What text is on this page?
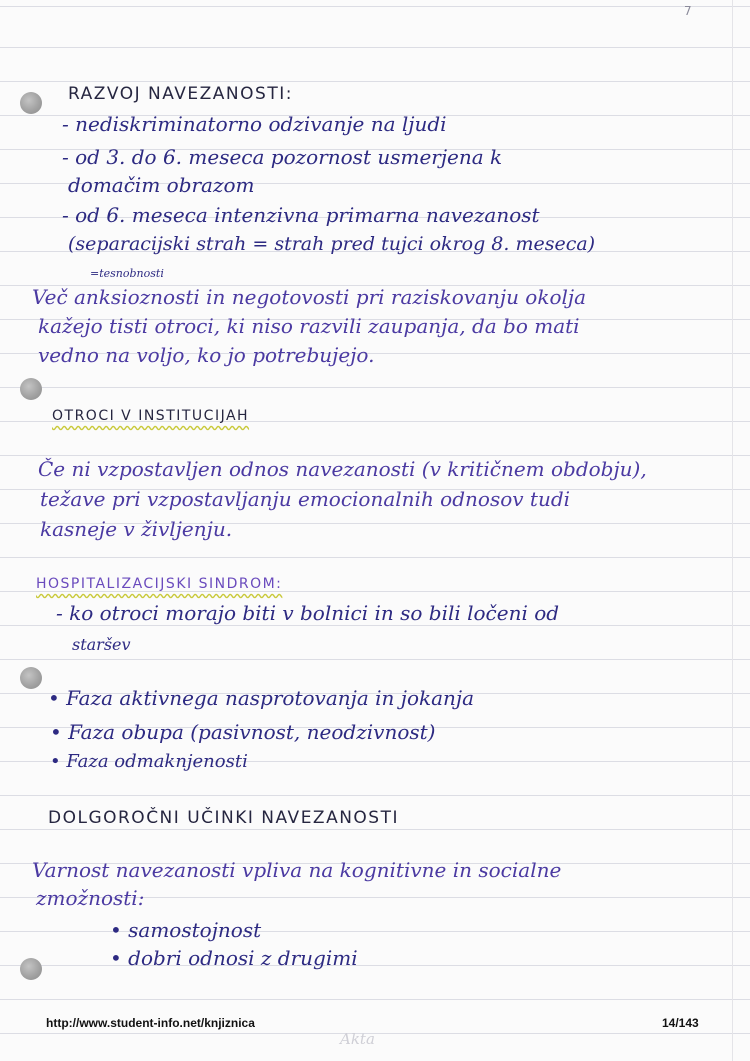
7

RAZVOJ NAVEZANOSTI:

- nediskriminatorno odzivanje na ljudi

- od 3. do 6. meseca pozornost usmerjena k

domačim obrazom

- od 6. meseca intenzivna primarna navezanost

(separacijski strah = strah pred tujci okrog 8. meseca)

=tesnobnosti

Več anksioznosti in negotovosti pri raziskovanju okolja

kažejo tisti otroci, ki niso razvili zaupanja, da bo mati

vedno na voljo, ko jo potrebujejo.

OTROCI V INSTITUCIJAH

Če ni vzpostavljen odnos navezanosti (v kritičnem obdobju),

težave pri vzpostavljanju emocionalnih odnosov tudi

kasneje v življenju.

HOSPITALIZACIJSKI SINDROM:

- ko otroci morajo biti v bolnici in so bili ločeni od

staršev

• Faza aktivnega nasprotovanja in jokanja

• Faza obupa (pasivnost, neodzivnost)

• Faza odmaknjenosti

DOLGOROČNI UČINKI NAVEZANOSTI

Varnost navezanosti vpliva na kognitivne in socialne

zmožnosti:

• samostojnost

• dobri odnosi z drugimi

http://www.student-info.net/knjiznica	14/143
Akta
